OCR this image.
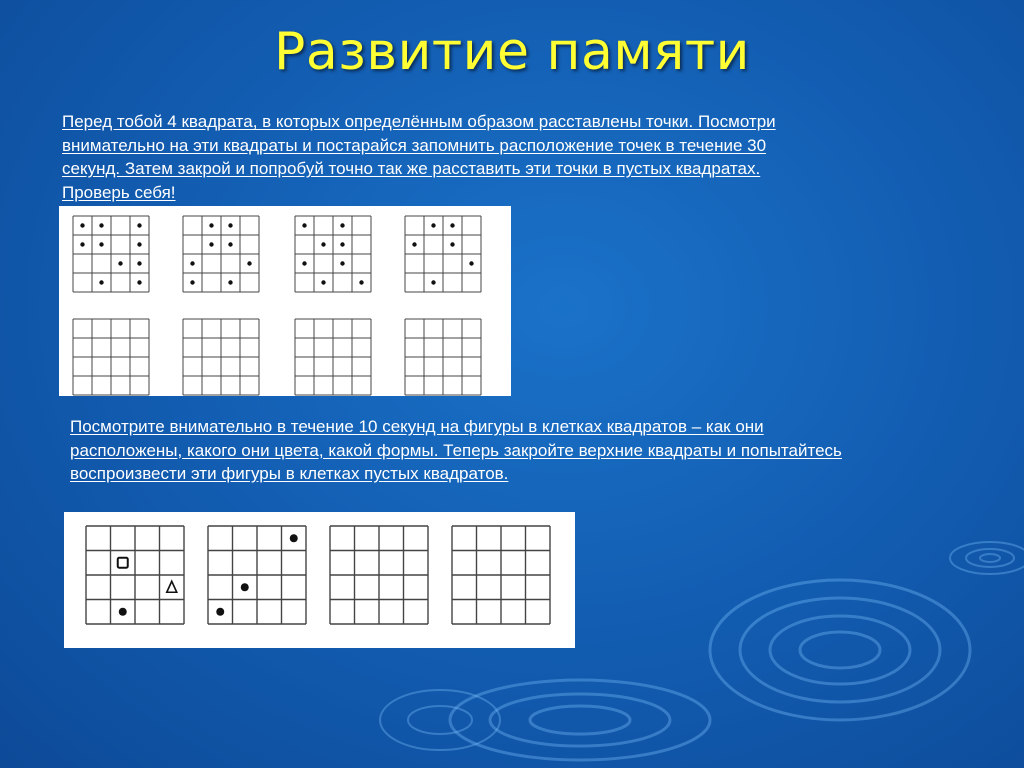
Развитие памяти
Перед тобой 4 квадрата, в которых определённым образом расставлены точки. Посмотри
внимательно на эти квадраты и постарайся запомнить расположение точек в течение 30
секунд. Затем закрой и попробуй точно так же расставить эти точки в пустых квадратах.
Проверь себя!
Посмотрите внимательно в течение 10 секунд на фигуры в клетках квадратов – как они
расположены, какого они цвета, какой формы. Теперь закройте верхние квадраты и попытайтесь
воспроизвести эти фигуры в клетках пустых квадратов.
